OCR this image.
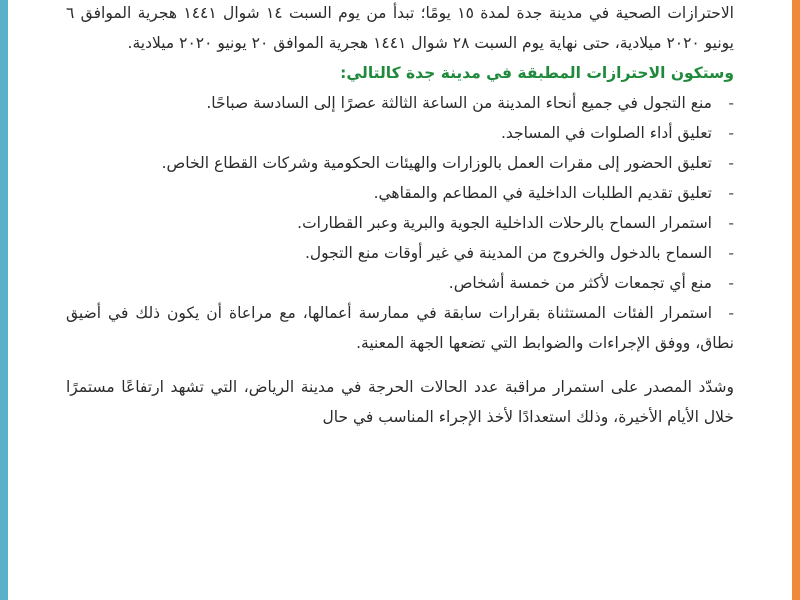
الاحترازات الصحية في مدينة جدة لمدة ١٥ يومًا؛ تبدأ من يوم السبت ١٤ شوال ١٤٤١ هجرية الموافق ٦ يونيو ٢٠٢٠ ميلادية، حتى نهاية يوم السبت ٢٨ شوال ١٤٤١ هجرية الموافق ٢٠ يونيو ٢٠٢٠ ميلادية.

وستكون الاحترازات المطبقة في مدينة جدة كالتالي:

-منع التجول في جميع أنحاء المدينة من الساعة الثالثة عصرًا إلى السادسة صباحًا.
-تعليق أداء الصلوات في المساجد.
-تعليق الحضور إلى مقرات العمل بالوزارات والهيئات الحكومية وشركات القطاع الخاص.
-تعليق تقديم الطلبات الداخلية في المطاعم والمقاهي.
-استمرار السماح بالرحلات الداخلية الجوية والبرية وعبر القطارات.
-السماح بالدخول والخروج من المدينة في غير أوقات منع التجول.
-منع أي تجمعات لأكثر من خمسة أشخاص.
-استمرار الفئات المستثناة بقرارات سابقة في ممارسة أعمالها، مع مراعاة أن يكون ذلك في أضيق نطاق، ووفق الإجراءات والضوابط التي تضعها الجهة المعنية.

وشدّد المصدر على استمرار مراقبة عدد الحالات الحرجة في مدينة الرياض، التي تشهد ارتفاعًا مستمرًا خلال الأيام الأخيرة، وذلك استعدادًا لأخذ الإجراء المناسب في حال
